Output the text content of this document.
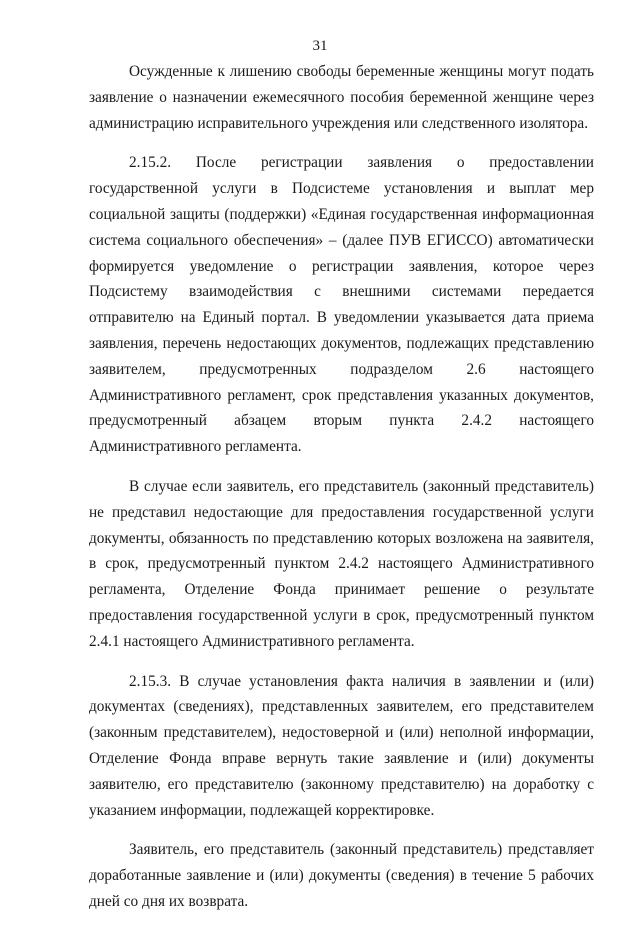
31

Осужденные к лишению свободы беременные женщины могут подать заявление о назначении ежемесячного пособия беременной женщине через администрацию исправительного учреждения или следственного изолятора.

2.15.2. После регистрации заявления о предоставлении государственной услуги в Подсистеме установления и выплат мер социальной защиты (поддержки) «Единая государственная информационная система социального обеспечения» – (далее ПУВ ЕГИССО) автоматически формируется уведомление о регистрации заявления, которое через Подсистему взаимодействия с внешними системами передается отправителю на Единый портал. В уведомлении указывается дата приема заявления, перечень недостающих документов, подлежащих представлению заявителем, предусмотренных подразделом 2.6 настоящего Административного регламент, срок представления указанных документов, предусмотренный абзацем вторым пункта 2.4.2 настоящего Административного регламента.

В случае если заявитель, его представитель (законный представитель) не представил недостающие для предоставления государственной услуги документы, обязанность по представлению которых возложена на заявителя, в срок, предусмотренный пунктом 2.4.2 настоящего Административного регламента, Отделение Фонда принимает решение о результате предоставления государственной услуги в срок, предусмотренный пунктом 2.4.1 настоящего Административного регламента.

2.15.3. В случае установления факта наличия в заявлении и (или) документах (сведениях), представленных заявителем, его представителем (законным представителем), недостоверной и (или) неполной информации, Отделение Фонда вправе вернуть такие заявление и (или) документы заявителю, его представителю (законному представителю) на доработку с указанием информации, подлежащей корректировке.

Заявитель, его представитель (законный представитель) представляет доработанные заявление и (или) документы (сведения) в течение 5 рабочих дней со дня их возврата.
